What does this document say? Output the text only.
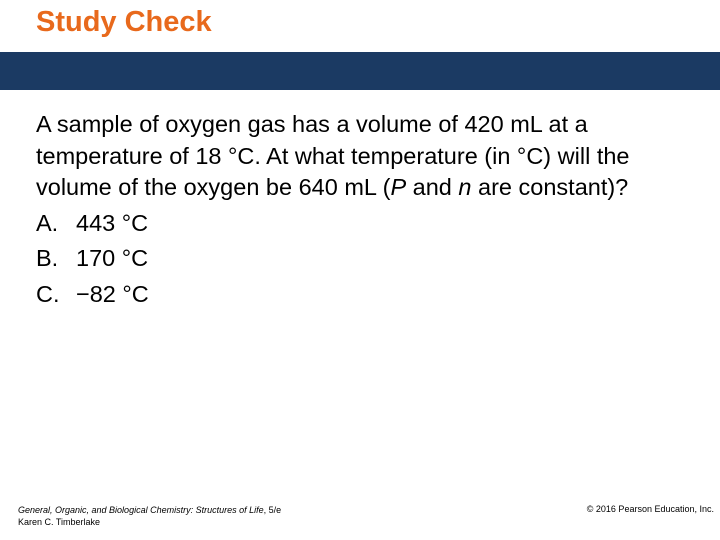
Study Check

A sample of oxygen gas has a volume of 420 mL at a temperature of 18 °C. At what temperature (in °C) will the volume of the oxygen be 640 mL (P and n are constant)?

A. 443 °C
B. 170 °C
C. −82 °C
General, Organic, and Biological Chemistry: Structures of Life, 5/e
Karen C. Timberlake
© 2016 Pearson Education, Inc.
